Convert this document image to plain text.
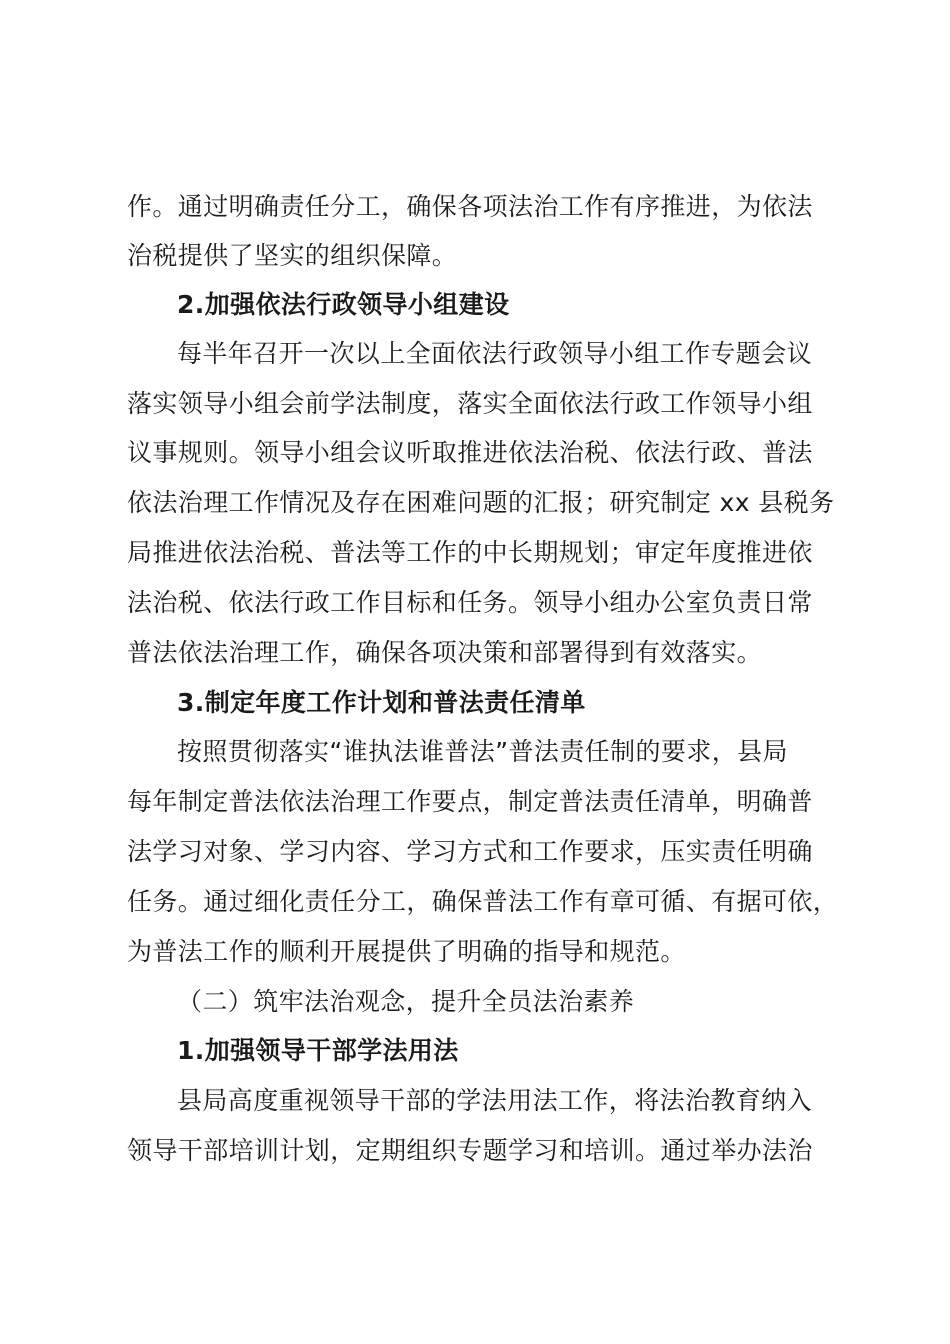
作。通过明确责任分工，确保各项法治工作有序推进，为依法
治税提供了坚实的组织保障。
2.加强依法行政领导小组建设
每半年召开一次以上全面依法行政领导小组工作专题会议
落实领导小组会前学法制度，落实全面依法行政工作领导小组
议事规则。领导小组会议听取推进依法治税、依法行政、普法
依法治理工作情况及存在困难问题的汇报；研究制定 xx 县税务
局推进依法治税、普法等工作的中长期规划；审定年度推进依
法治税、依法行政工作目标和任务。领导小组办公室负责日常
普法依法治理工作，确保各项决策和部署得到有效落实。
3.制定年度工作计划和普法责任清单
按照贯彻落实“谁执法谁普法”普法责任制的要求，县局
每年制定普法依法治理工作要点，制定普法责任清单，明确普
法学习对象、学习内容、学习方式和工作要求，压实责任明确
任务。通过细化责任分工，确保普法工作有章可循、有据可依，
为普法工作的顺利开展提供了明确的指导和规范。
（二）筑牢法治观念，提升全员法治素养
1.加强领导干部学法用法
县局高度重视领导干部的学法用法工作，将法治教育纳入
领导干部培训计划，定期组织专题学习和培训。通过举办法治
